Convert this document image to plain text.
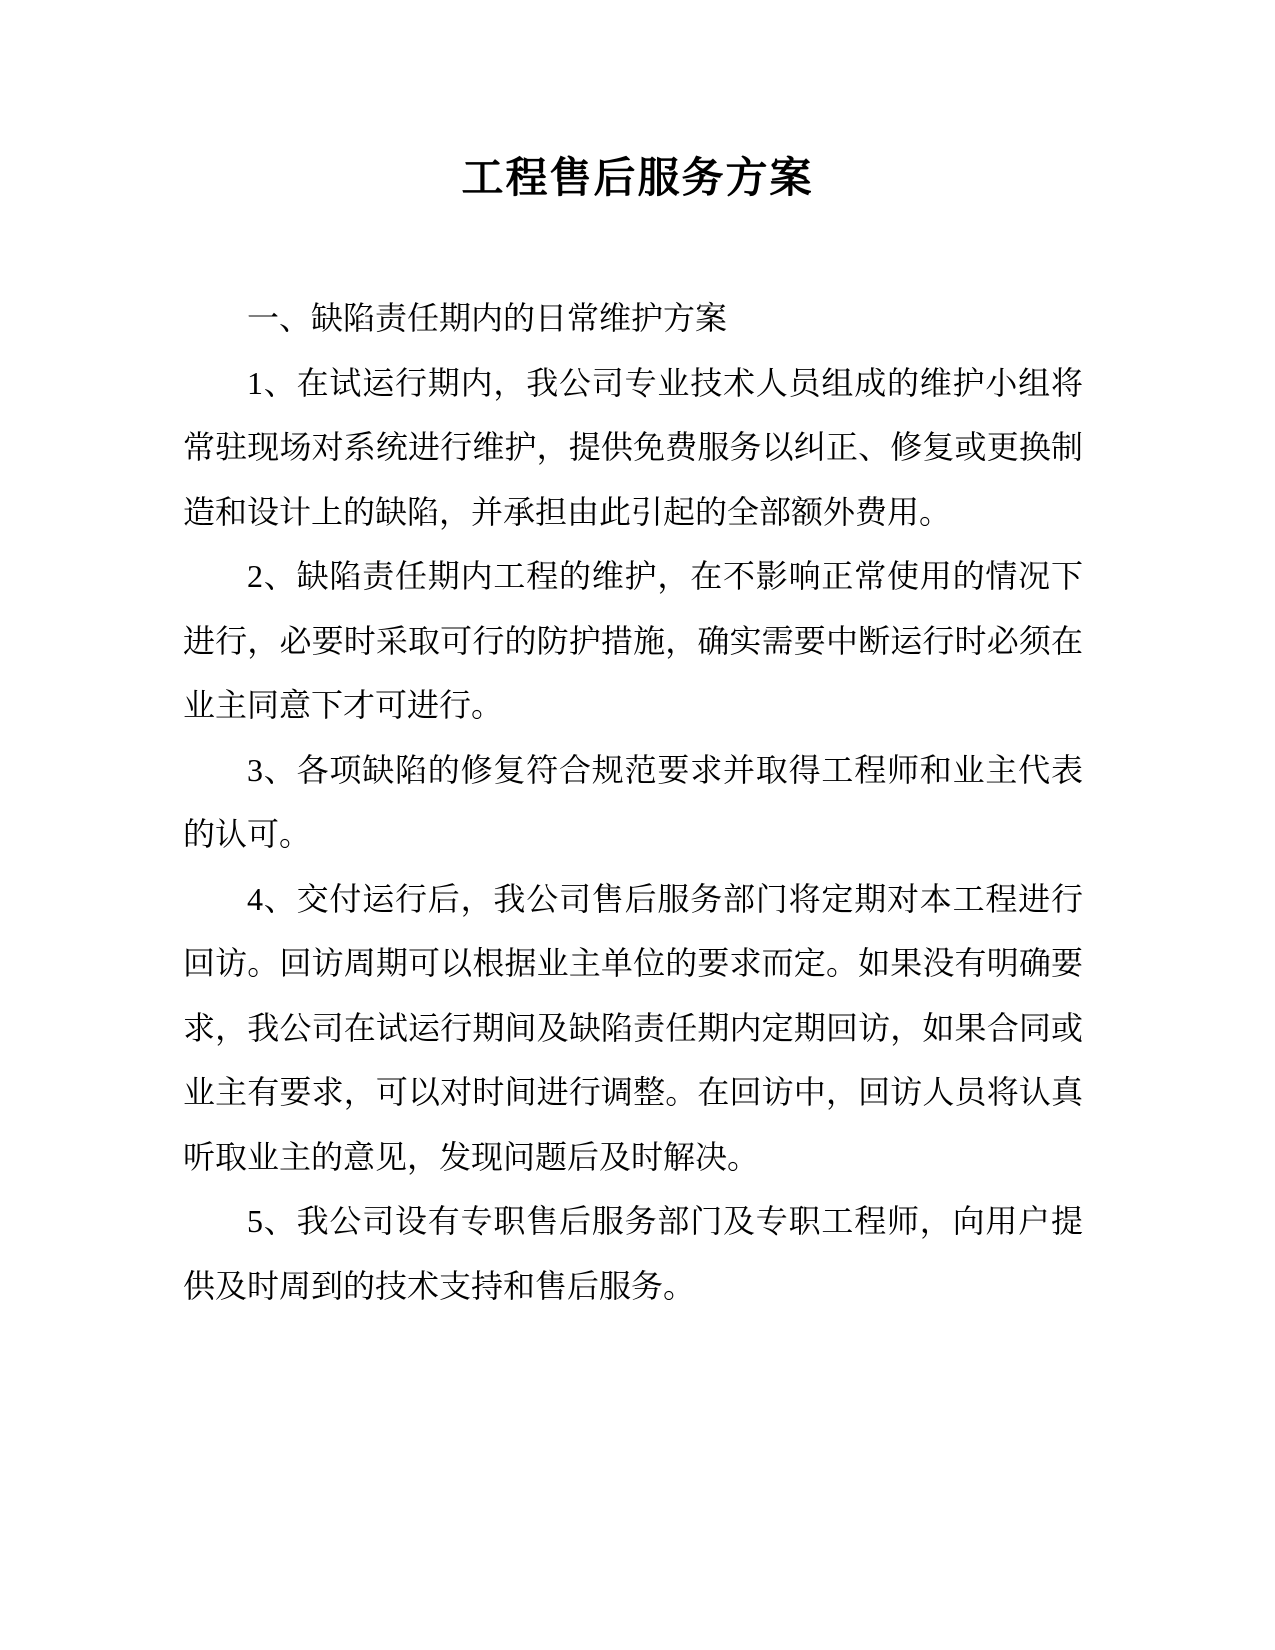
工程售后服务方案

一、缺陷责任期内的日常维护方案

1、在试运行期内，我公司专业技术人员组成的维护小组将常驻现场对系统进行维护，提供免费服务以纠正、修复或更换制造和设计上的缺陷，并承担由此引起的全部额外费用。

2、缺陷责任期内工程的维护，在不影响正常使用的情况下进行，必要时采取可行的防护措施，确实需要中断运行时必须在业主同意下才可进行。

3、各项缺陷的修复符合规范要求并取得工程师和业主代表的认可。

4、交付运行后，我公司售后服务部门将定期对本工程进行回访。回访周期可以根据业主单位的要求而定。如果没有明确要求，我公司在试运行期间及缺陷责任期内定期回访，如果合同或业主有要求，可以对时间进行调整。在回访中，回访人员将认真听取业主的意见，发现问题后及时解决。

5、我公司设有专职售后服务部门及专职工程师，向用户提供及时周到的技术支持和售后服务。
